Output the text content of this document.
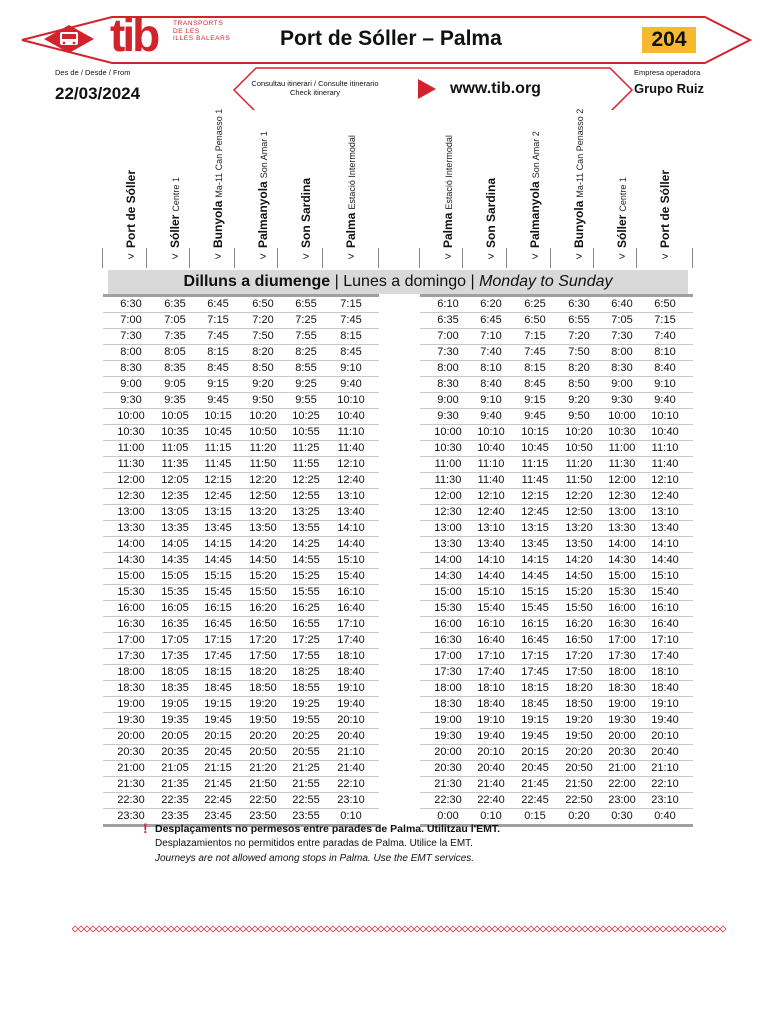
tib TRANSPORTS
DE LES
ILLES BALEARS Port de Sóller – Palma	204
Des de / Desde / From
22/03/2024
Consultau itinerari / Consulte itinerario
Check itinerary	www.tib.org
Empresa operadora
Grupo Ruiz
Port de Sóller
>
SóllerCentre 1
>
BunyolaMa-11 Can Penasso 1
>
PalmanyolaSon Amar 1
>
Son Sardina
>
PalmaEstació Intermodal
>
PalmaEstació Intermodal
>
Son Sardina
>
PalmanyolaSon Amar 2
>
BunyolaMa-11 Can Penasso 2
>
SóllerCentre 1
>
Port de Sóller
>
Dilluns a diumenge | Lunes a domingo | Monday to Sunday
6:30	6:35	6:45	6:50	6:55	7:15
7:00	7:05	7:15	7:20	7:25	7:45
7:30	7:35	7:45	7:50	7:55	8:15
8:00	8:05	8:15	8:20	8:25	8:45
8:30	8:35	8:45	8:50	8:55	9:10
9:00	9:05	9:15	9:20	9:25	9:40
9:30	9:35	9:45	9:50	9:55	10:10
10:00	10:05	10:15	10:20	10:25	10:40
10:30	10:35	10:45	10:50	10:55	11:10
11:00	11:05	11:15	11:20	11:25	11:40
11:30	11:35	11:45	11:50	11:55	12:10
12:00	12:05	12:15	12:20	12:25	12:40
12:30	12:35	12:45	12:50	12:55	13:10
13:00	13:05	13:15	13:20	13:25	13:40
13:30	13:35	13:45	13:50	13:55	14:10
14:00	14:05	14:15	14:20	14:25	14:40
14:30	14:35	14:45	14:50	14:55	15:10
15:00	15:05	15:15	15:20	15:25	15:40
15:30	15:35	15:45	15:50	15:55	16:10
16:00	16:05	16:15	16:20	16:25	16:40
16:30	16:35	16:45	16:50	16:55	17:10
17:00	17:05	17:15	17:20	17:25	17:40
17:30	17:35	17:45	17:50	17:55	18:10
18:00	18:05	18:15	18:20	18:25	18:40
18:30	18:35	18:45	18:50	18:55	19:10
19:00	19:05	19:15	19:20	19:25	19:40
19:30	19:35	19:45	19:50	19:55	20:10
20:00	20:05	20:15	20:20	20:25	20:40
20:30	20:35	20:45	20:50	20:55	21:10
21:00	21:05	21:15	21:20	21:25	21:40
21:30	21:35	21:45	21:50	21:55	22:10
22:30	22:35	22:45	22:50	22:55	23:10
23:30	23:35	23:45	23:50	23:55	0:10
6:10	6:20	6:25	6:30	6:40	6:50
6:35	6:45	6:50	6:55	7:05	7:15
7:00	7:10	7:15	7:20	7:30	7:40
7:30	7:40	7:45	7:50	8:00	8:10
8:00	8:10	8:15	8:20	8:30	8:40
8:30	8:40	8:45	8:50	9:00	9:10
9:00	9:10	9:15	9:20	9:30	9:40
9:30	9:40	9:45	9:50	10:00	10:10
10:00	10:10	10:15	10:20	10:30	10:40
10:30	10:40	10:45	10:50	11:00	11:10
11:00	11:10	11:15	11:20	11:30	11:40
11:30	11:40	11:45	11:50	12:00	12:10
12:00	12:10	12:15	12:20	12:30	12:40
12:30	12:40	12:45	12:50	13:00	13:10
13:00	13:10	13:15	13:20	13:30	13:40
13:30	13:40	13:45	13:50	14:00	14:10
14:00	14:10	14:15	14:20	14:30	14:40
14:30	14:40	14:45	14:50	15:00	15:10
15:00	15:10	15:15	15:20	15:30	15:40
15:30	15:40	15:45	15:50	16:00	16:10
16:00	16:10	16:15	16:20	16:30	16:40
16:30	16:40	16:45	16:50	17:00	17:10
17:00	17:10	17:15	17:20	17:30	17:40
17:30	17:40	17:45	17:50	18:00	18:10
18:00	18:10	18:15	18:20	18:30	18:40
18:30	18:40	18:45	18:50	19:00	19:10
19:00	19:10	19:15	19:20	19:30	19:40
19:30	19:40	19:45	19:50	20:00	20:10
20:00	20:10	20:15	20:20	20:30	20:40
20:30	20:40	20:45	20:50	21:00	21:10
21:30	21:40	21:45	21:50	22:00	22:10
22:30	22:40	22:45	22:50	23:00	23:10
0:00	0:10	0:15	0:20	0:30	0:40
! Desplaçaments no permesos entre parades de Palma. Utilitzau l'EMT.
Desplazamientos no permitidos entre paradas de Palma. Utilice la EMT.
Journeys are not allowed among stops in Palma. Use the EMT services.
